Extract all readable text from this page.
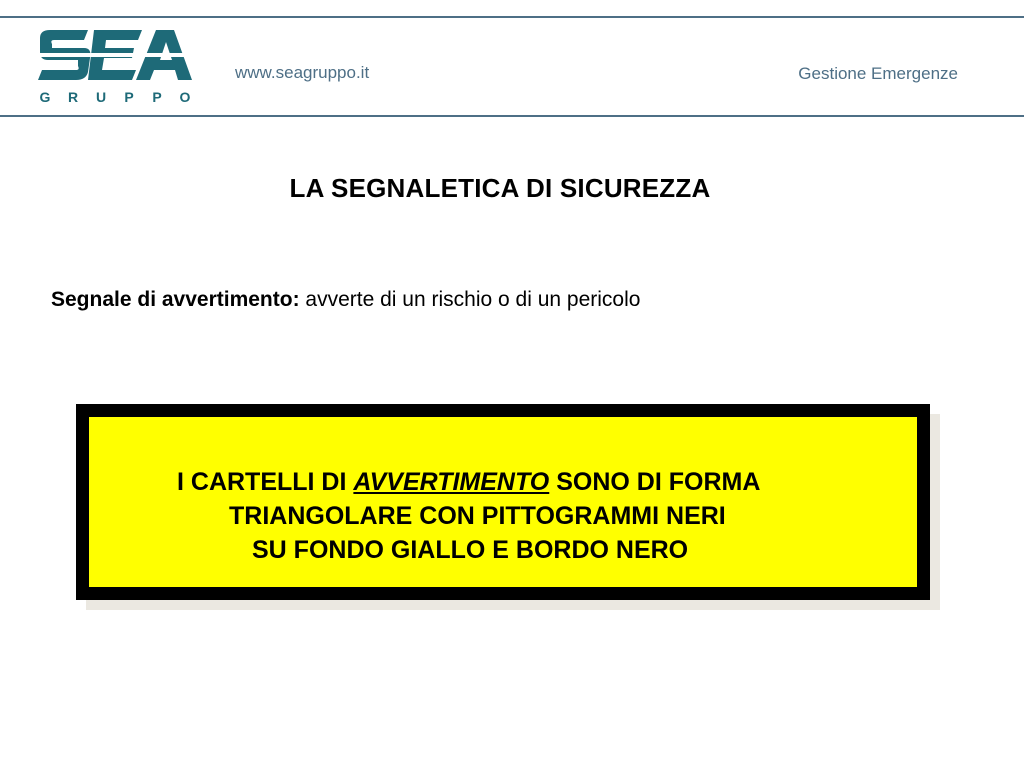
G R U P P O
www.seagruppo.it	Gestione Emergenze
LA SEGNALETICA DI SICUREZZA
Segnale di avvertimento: avverte di un rischio o di un pericolo
I CARTELLI DI AVVERTIMENTO SONO DI FORMA
TRIANGOLARE CON PITTOGRAMMI NERI
SU FONDO GIALLO E BORDO NERO
